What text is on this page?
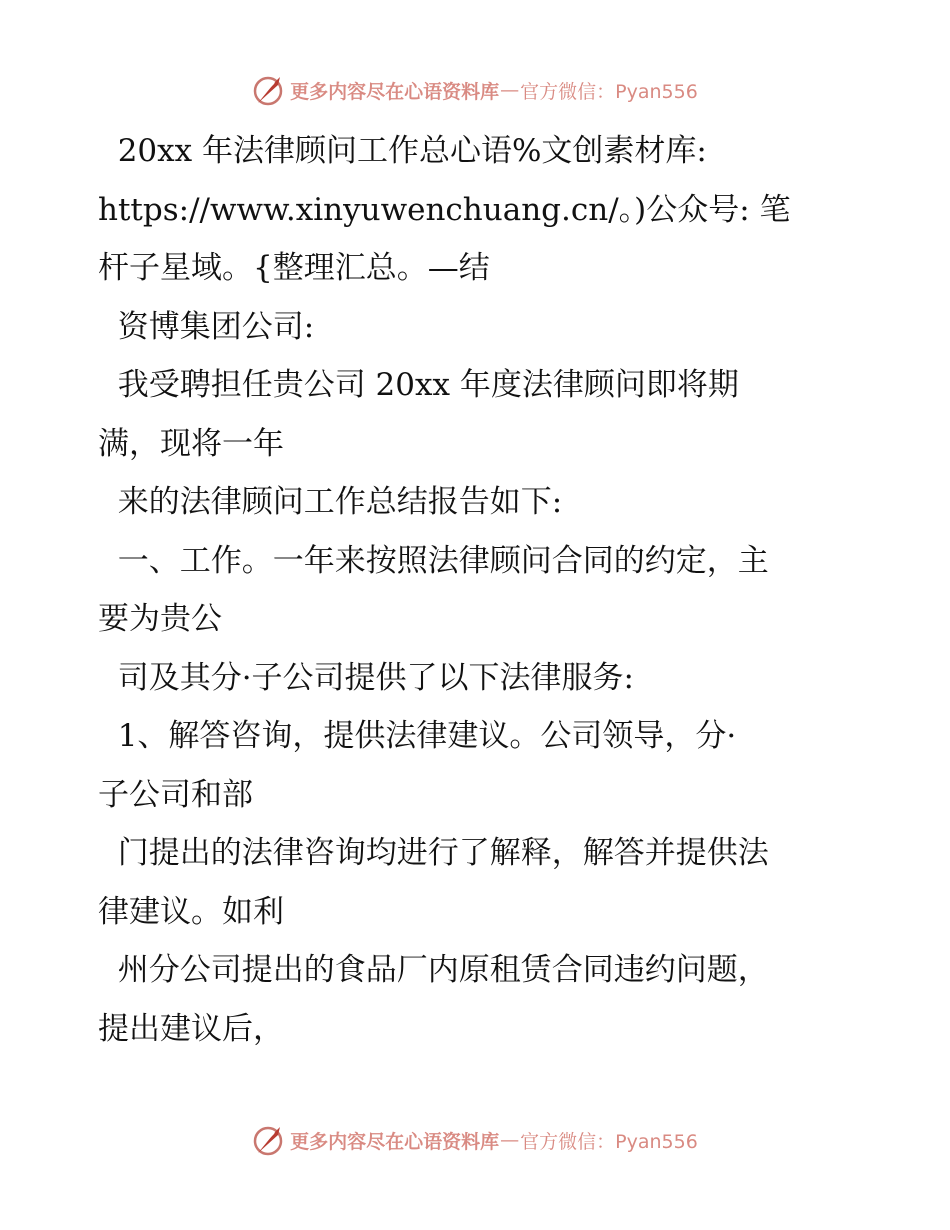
更多内容尽在心语资料库 — 官方微信：Pyan556
20xx 年法律顾问工作总心语%文创素材库:
https://www.xinyuwenchuang.cn/。)公众号: 笔
杆子星域。{整理汇总。—结
资博集团公司:
我受聘担任贵公司 20xx 年度法律顾问即将期
满，现将一年
来的法律顾问工作总结报告如下:
一、工作。一年来按照法律顾问合同的约定，主
要为贵公
司及其分·子公司提供了以下法律服务:
1、解答咨询，提供法律建议。公司领导，分·
子公司和部
门提出的法律咨询均进行了解释，解答并提供法
律建议。如利
州分公司提出的食品厂内原租赁合同违约问题，
提出建议后，
更多内容尽在心语资料库 — 官方微信：Pyan556
